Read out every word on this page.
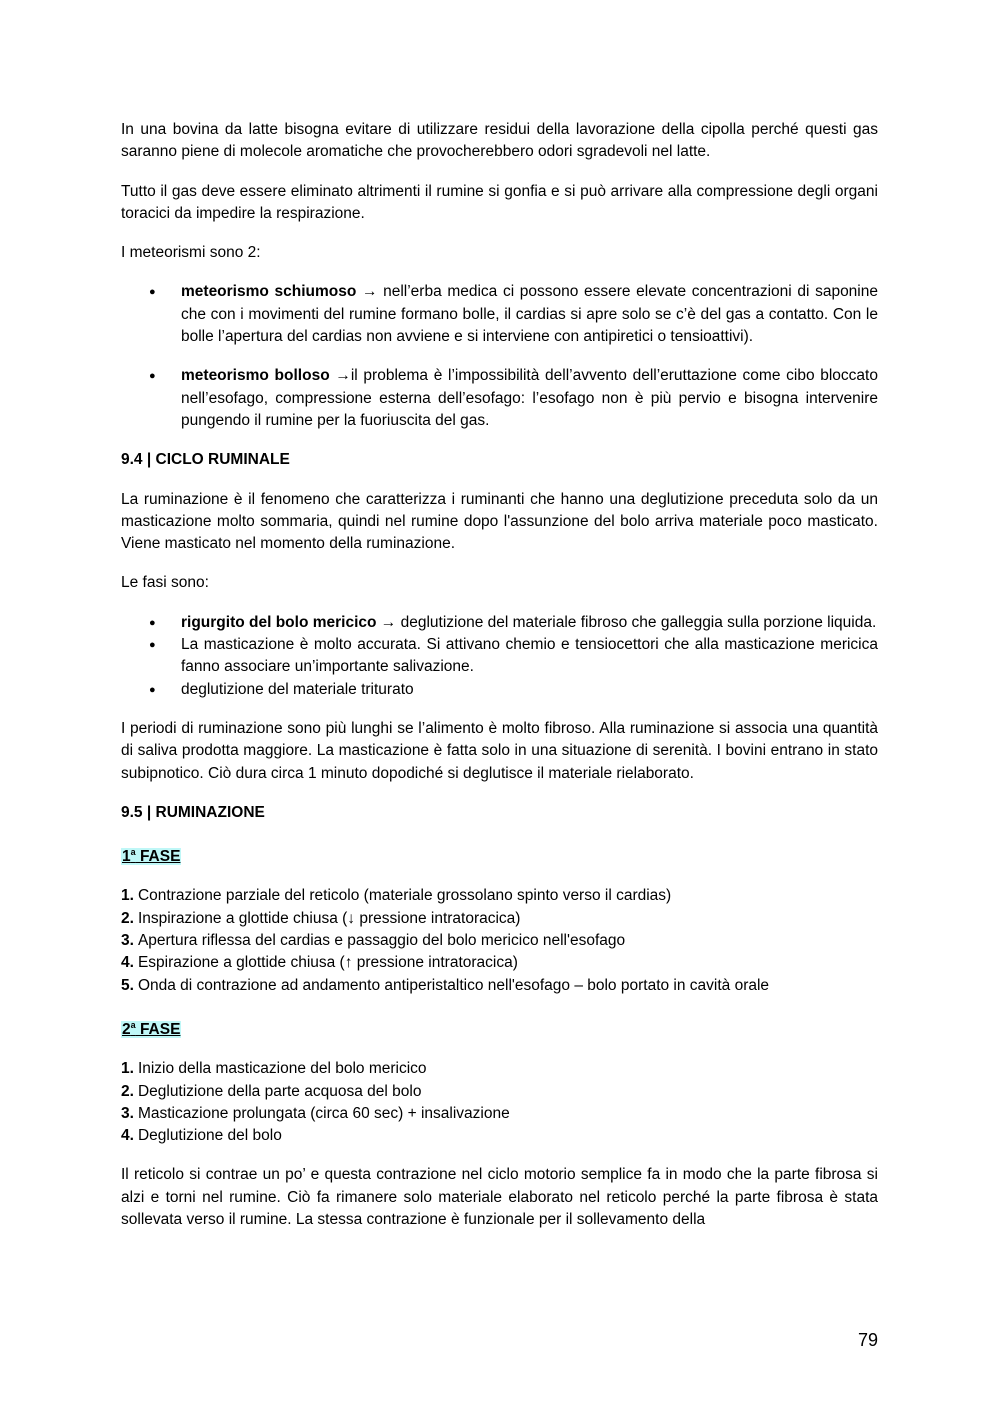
In una bovina da latte bisogna evitare di utilizzare residui della lavorazione della cipolla perché questi gas saranno piene di molecole aromatiche che provocherebbero odori sgradevoli nel latte.

Tutto il gas deve essere eliminato altrimenti il rumine si gonfia e si può arrivare alla compressione degli organi toracici da impedire la respirazione.

I meteorismi sono 2:

● meteorismo schiumoso → nell’erba medica ci possono essere elevate concentrazioni di saponine che con i movimenti del rumine formano bolle, il cardias si apre solo se c’è del gas a contatto. Con le bolle l’apertura del cardias non avviene e si interviene con antipiretici o tensioattivi).
● meteorismo bolloso →il problema è l’impossibilità dell’avvento dell’eruttazione come cibo bloccato nell’esofago, compressione esterna dell’esofago: l’esofago non è più pervio e bisogna intervenire pungendo il rumine per la fuoriuscita del gas.
9.4 | CICLO RUMINALE

La ruminazione è il fenomeno che caratterizza i ruminanti che hanno una deglutizione preceduta solo da un masticazione molto sommaria, quindi nel rumine dopo l'assunzione del bolo arriva materiale poco masticato. Viene masticato nel momento della ruminazione.

Le fasi sono:

● rigurgito del bolo mericico → deglutizione del materiale fibroso che galleggia sulla porzione liquida.
● La masticazione è molto accurata. Si attivano chemio e tensiocettori che alla masticazione mericica fanno associare un’importante salivazione.
● deglutizione del materiale triturato

I periodi di ruminazione sono più lunghi se l’alimento è molto fibroso. Alla ruminazione si associa una quantità di saliva prodotta maggiore. La masticazione è fatta solo in una situazione di serenità. I bovini entrano in stato subipnotico. Ciò dura circa 1 minuto dopodiché si deglutisce il materiale rielaborato.

9.5 | RUMINAZIONE
1$^a$ FASE
1. Contrazione parziale del reticolo (materiale grossolano spinto verso il cardias)
2. Inspirazione a glottide chiusa (↓ pressione intratoracica)
3. Apertura riflessa del cardias e passaggio del bolo mericico nell'esofago
4. Espirazione a glottide chiusa (↑ pressione intratoracica)
5. Onda di contrazione ad andamento antiperistaltico nell'esofago – bolo portato in cavità orale
2$^a$ FASE
1. Inizio della masticazione del bolo mericico
2. Deglutizione della parte acquosa del bolo
3. Masticazione prolungata (circa 60 sec) + insalivazione
4. Deglutizione del bolo

Il reticolo si contrae un po’ e questa contrazione nel ciclo motorio semplice fa in modo che la parte fibrosa si alzi e torni nel rumine. Ciò fa rimanere solo materiale elaborato nel reticolo perché la parte fibrosa è stata sollevata verso il rumine. La stessa contrazione è funzionale per il sollevamento della

79
